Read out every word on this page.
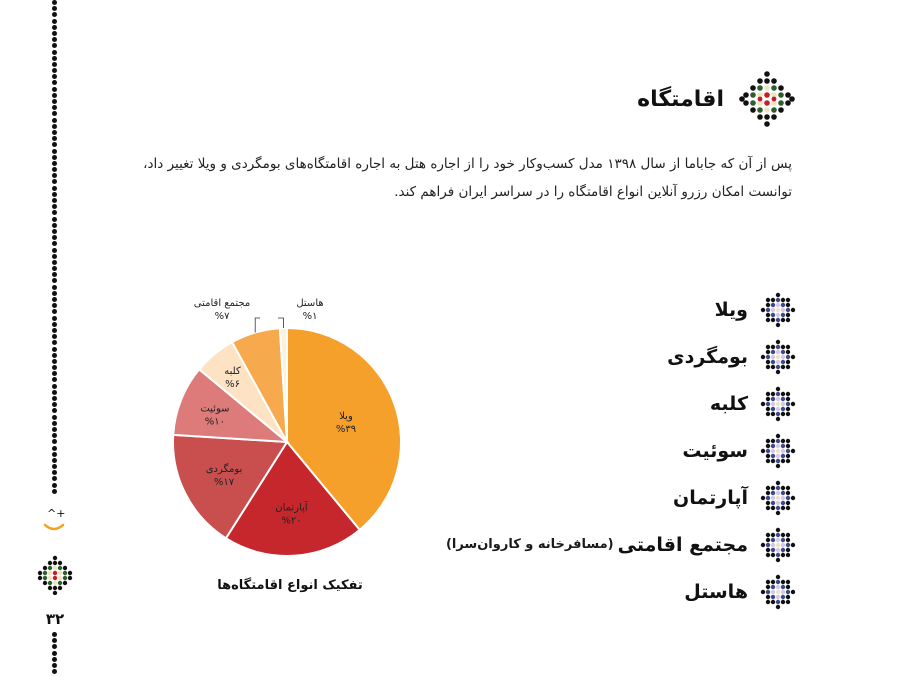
^+
۳۲
اقامتگاه

پس از آن که جاباما از سال ۱۳۹۸ مدل کسب‌وکار خود را از اجاره هتل به اجاره اقامتگاه‌های بومگردی و ویلا تغییر داد، توانست امکان رزرو آنلاین انواع اقامتگاه را در سراسر ایران فراهم کند.

ویلا
%۳۹
آپارتمان
%۲۰
بومگردی
%۱۷
سوئیت
%۱۰
کلبه
%۶
مجتمع اقامتی
%۷
هاستل
%۱
تفکیک انواع اقامتگاه‌ها
ویلا
بومگردی
کلبه
سوئیت
آپارتمان
مجتمع اقامتی
(مسافرخانه و کاروان‌سرا)
هاستل
